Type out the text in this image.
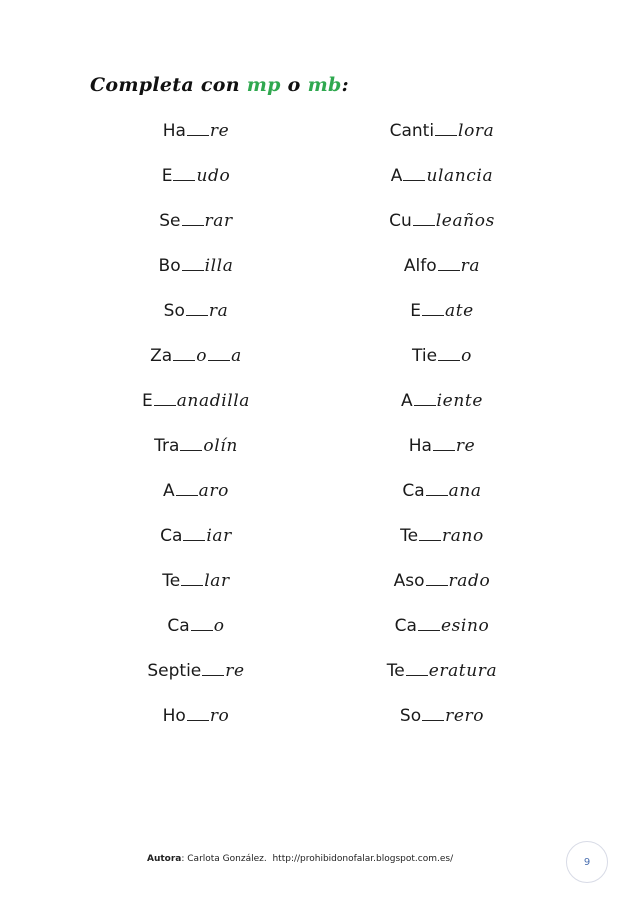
Completa con mp o mb:
Ha re
E udo
Se rar
Bo illa
So ra
Za o a
E anadilla
Tra olín
A aro
Ca iar
Te lar
Ca o
Septie re
Ho ro
Canti lora
A ulancia
Cu leaños
Alfo ra
E ate
Tie o
A iente
Ha re
Ca ana
Te rano
Aso rado
Ca esino
Te eratura
So rero
Autora: Carlota González. http://prohibidonofalar.blogspot.com.es/	9
